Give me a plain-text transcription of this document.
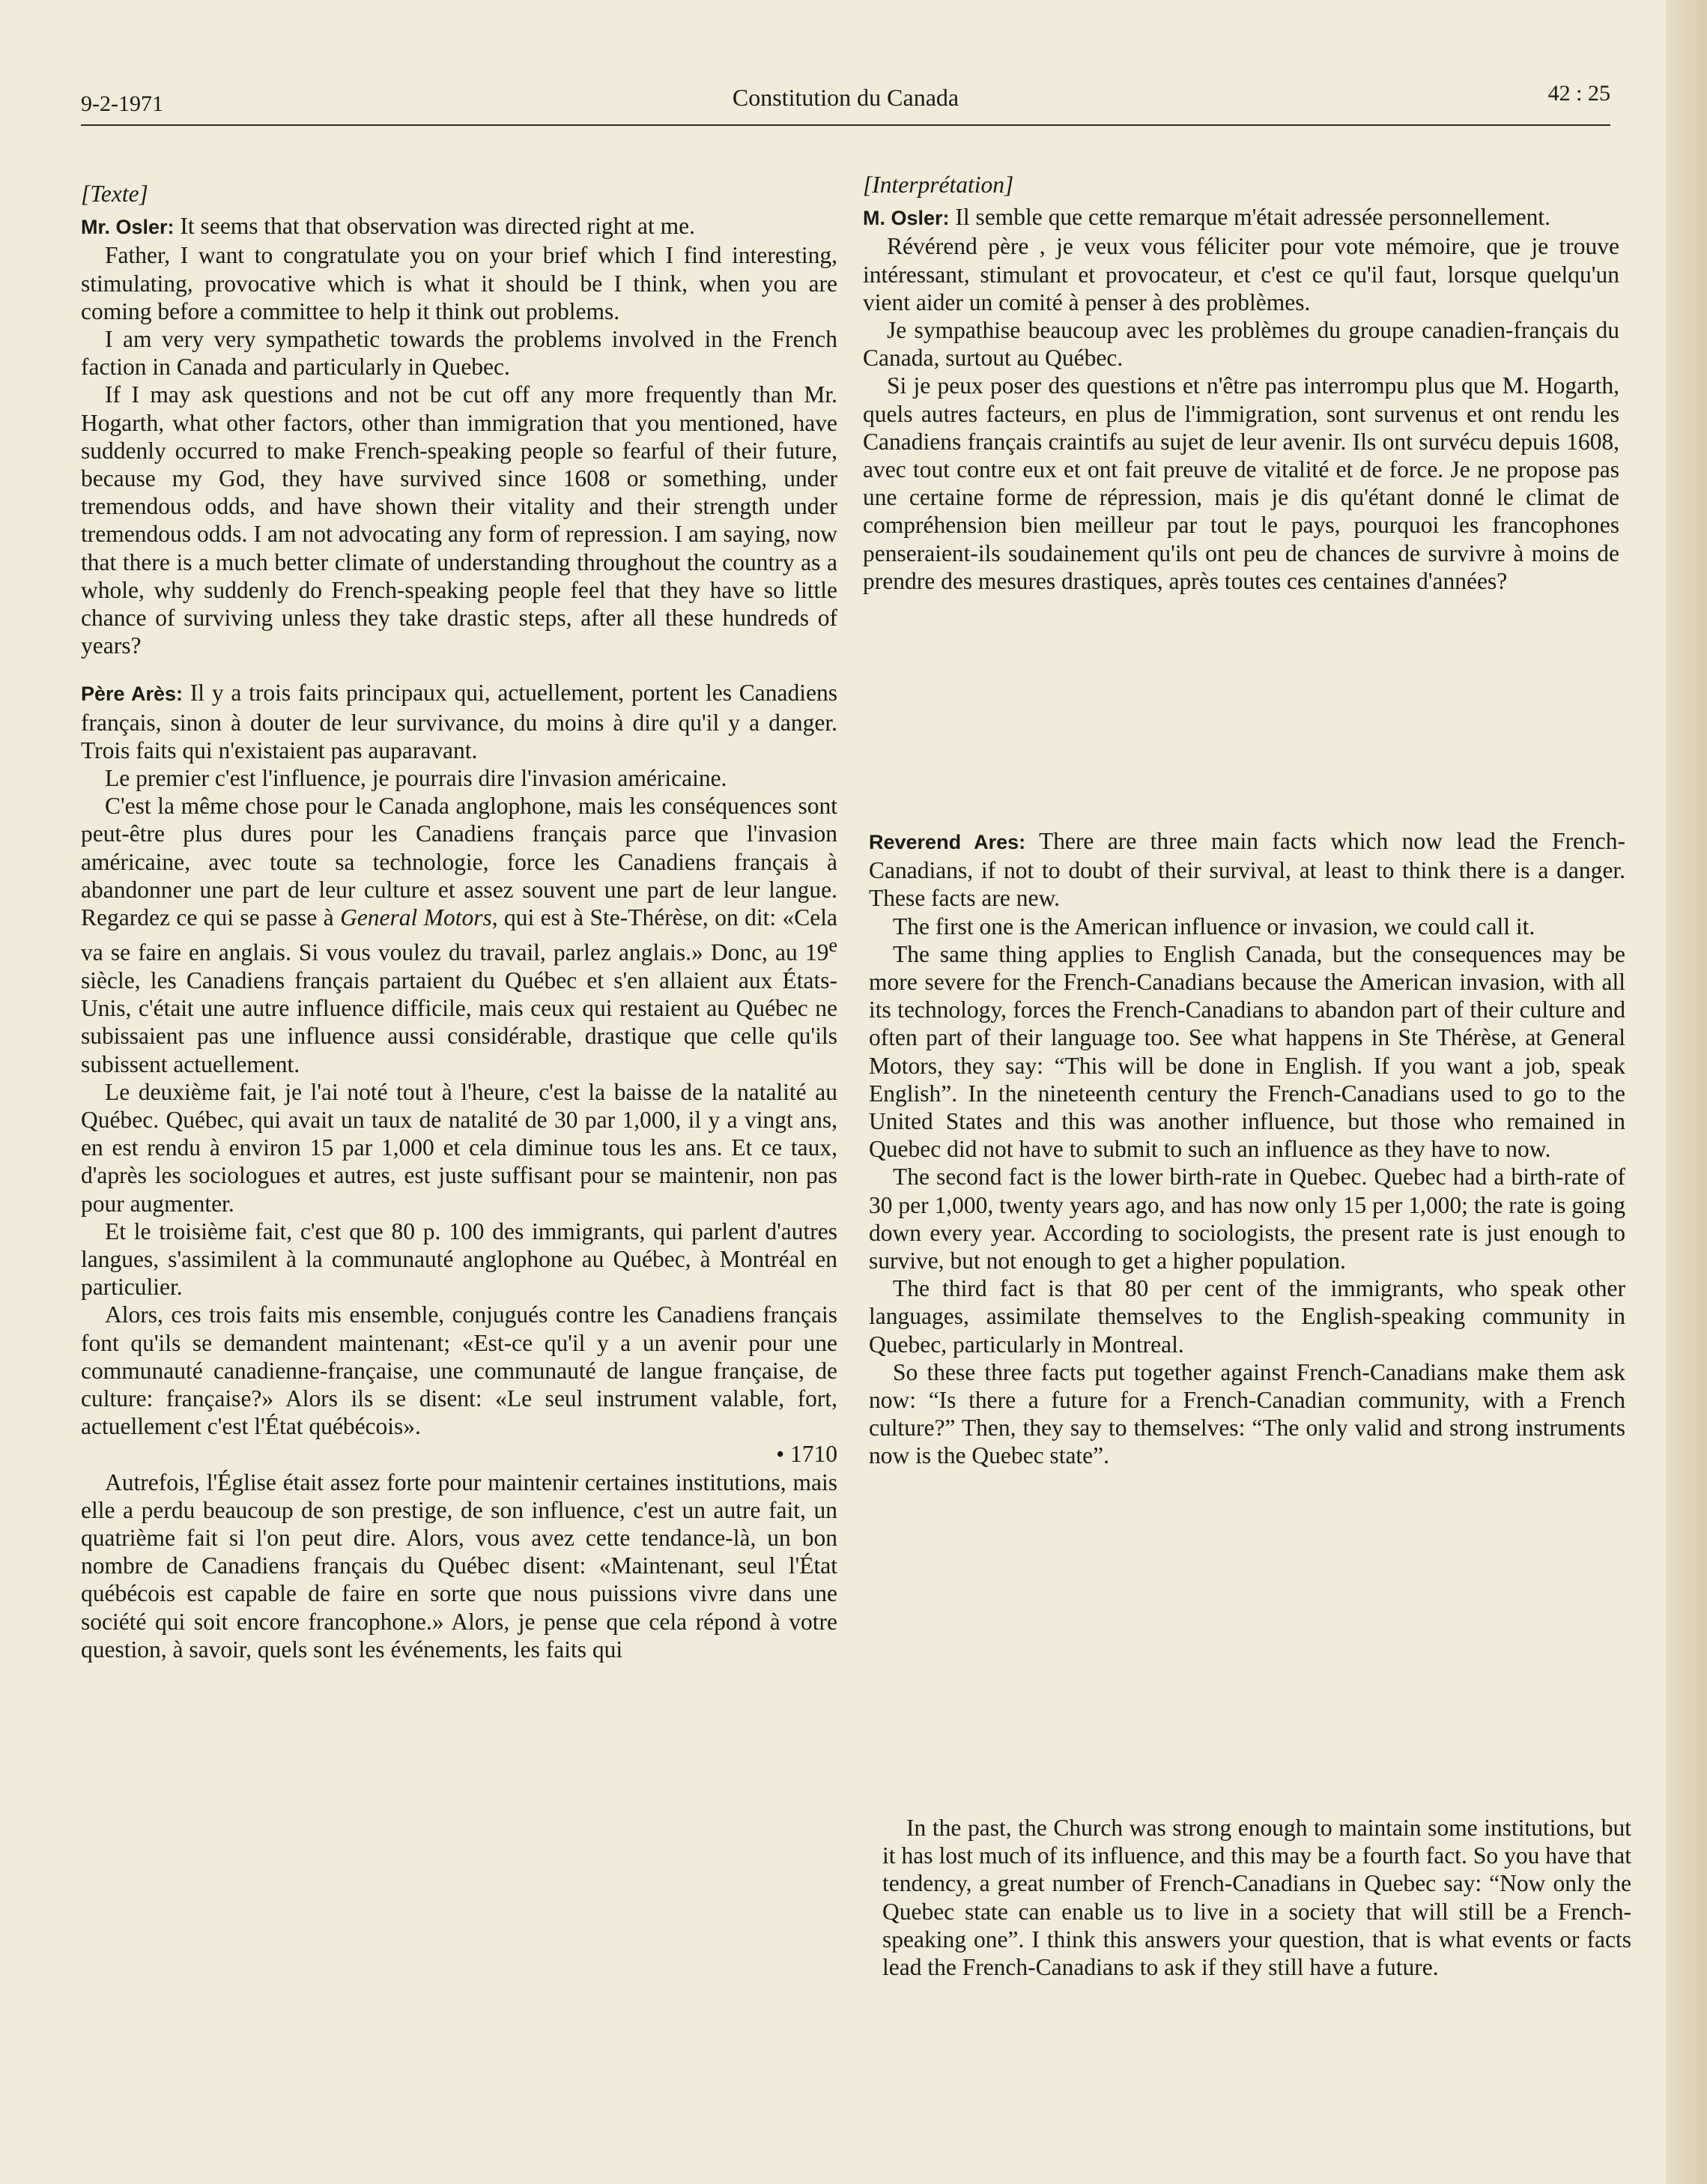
9-2-1971	Constitution du Canada	42 : 25
[Texte]

Mr. Osler: It seems that that observation was directed right at me.

Father, I want to congratulate you on your brief which I find interesting, stimulating, provocative which is what it should be I think, when you are coming before a committee to help it think out problems.

I am very very sympathetic towards the problems involved in the French faction in Canada and particularly in Quebec.

If I may ask questions and not be cut off any more frequently than Mr. Hogarth, what other factors, other than immigration that you mentioned, have suddenly occurred to make French-speaking people so fearful of their future, because my God, they have survived since 1608 or something, under tremendous odds, and have shown their vitality and their strength under tremendous odds. I am not advocating any form of repression. I am saying, now that there is a much better climate of understanding throughout the country as a whole, why suddenly do French-speaking people feel that they have so little chance of surviving unless they take drastic steps, after all these hundreds of years?

Père Arès: Il y a trois faits principaux qui, actuellement, portent les Canadiens français, sinon à douter de leur survivance, du moins à dire qu'il y a danger. Trois faits qui n'existaient pas auparavant.

Le premier c'est l'influence, je pourrais dire l'invasion américaine.

C'est la même chose pour le Canada anglophone, mais les conséquences sont peut-être plus dures pour les Canadiens français parce que l'invasion américaine, avec toute sa technologie, force les Canadiens français à abandonner une part de leur culture et assez souvent une part de leur langue. Regardez ce qui se passe à General Motors, qui est à Ste-Thérèse, on dit: «Cela va se faire en anglais. Si vous voulez du travail, parlez anglais.» Donc, au 19e siècle, les Canadiens français partaient du Québec et s'en allaient aux États-Unis, c'était une autre influence difficile, mais ceux qui restaient au Québec ne subissaient pas une influence aussi considérable, drastique que celle qu'ils subissent actuellement.

Le deuxième fait, je l'ai noté tout à l'heure, c'est la baisse de la natalité au Québec. Québec, qui avait un taux de natalité de 30 par 1,000, il y a vingt ans, en est rendu à environ 15 par 1,000 et cela diminue tous les ans. Et ce taux, d'après les sociologues et autres, est juste suffisant pour se maintenir, non pas pour augmenter.

Et le troisième fait, c'est que 80 p. 100 des immigrants, qui parlent d'autres langues, s'assimilent à la communauté anglophone au Québec, à Montréal en particulier.

Alors, ces trois faits mis ensemble, conjugués contre les Canadiens français font qu'ils se demandent maintenant; «Est-ce qu'il y a un avenir pour une communauté canadienne-française, une communauté de langue française, de culture: française?» Alors ils se disent: «Le seul instrument valable, fort, actuellement c'est l'État québécois».

• 1710

Autrefois, l'Église était assez forte pour maintenir certaines institutions, mais elle a perdu beaucoup de son prestige, de son influence, c'est un autre fait, un quatrième fait si l'on peut dire. Alors, vous avez cette tendance-là, un bon nombre de Canadiens français du Québec disent: «Maintenant, seul l'État québécois est capable de faire en sorte que nous puissions vivre dans une société qui soit encore francophone.» Alors, je pense que cela répond à votre question, à savoir, quels sont les événements, les faits qui

[Interprétation]

M. Osler: Il semble que cette remarque m'était adressée personnellement.

Révérend père , je veux vous féliciter pour vote mémoire, que je trouve intéressant, stimulant et provocateur, et c'est ce qu'il faut, lorsque quelqu'un vient aider un comité à penser à des problèmes.

Je sympathise beaucoup avec les problèmes du groupe canadien-français du Canada, surtout au Québec.

Si je peux poser des questions et n'être pas interrompu plus que M. Hogarth, quels autres facteurs, en plus de l'immigration, sont survenus et ont rendu les Canadiens français craintifs au sujet de leur avenir. Ils ont survécu depuis 1608, avec tout contre eux et ont fait preuve de vitalité et de force. Je ne propose pas une certaine forme de répression, mais je dis qu'étant donné le climat de compréhension bien meilleur par tout le pays, pourquoi les francophones penseraient-ils soudainement qu'ils ont peu de chances de survivre à moins de prendre des mesures drastiques, après toutes ces centaines d'années?

Reverend Ares: There are three main facts which now lead the French-Canadians, if not to doubt of their survival, at least to think there is a danger. These facts are new.

The first one is the American influence or invasion, we could call it.

The same thing applies to English Canada, but the consequences may be more severe for the French-Canadians because the American invasion, with all its technology, forces the French-Canadians to abandon part of their culture and often part of their language too. See what happens in Ste Thérèse, at General Motors, they say: “This will be done in English. If you want a job, speak English”. In the nineteenth century the French-Canadians used to go to the United States and this was another influence, but those who remained in Quebec did not have to submit to such an influence as they have to now.

The second fact is the lower birth-rate in Quebec. Quebec had a birth-rate of 30 per 1,000, twenty years ago, and has now only 15 per 1,000; the rate is going down every year. According to sociologists, the present rate is just enough to survive, but not enough to get a higher population.

The third fact is that 80 per cent of the immigrants, who speak other languages, assimilate themselves to the English-speaking community in Quebec, particularly in Montreal.

So these three facts put together against French-Canadians make them ask now: “Is there a future for a French-Canadian community, with a French culture?” Then, they say to themselves: “The only valid and strong instruments now is the Quebec state”.

In the past, the Church was strong enough to maintain some institutions, but it has lost much of its influence, and this may be a fourth fact. So you have that tendency, a great number of French-Canadians in Quebec say: “Now only the Quebec state can enable us to live in a society that will still be a French-speaking one”. I think this answers your question, that is what events or facts lead the French-Canadians to ask if they still have a future.
